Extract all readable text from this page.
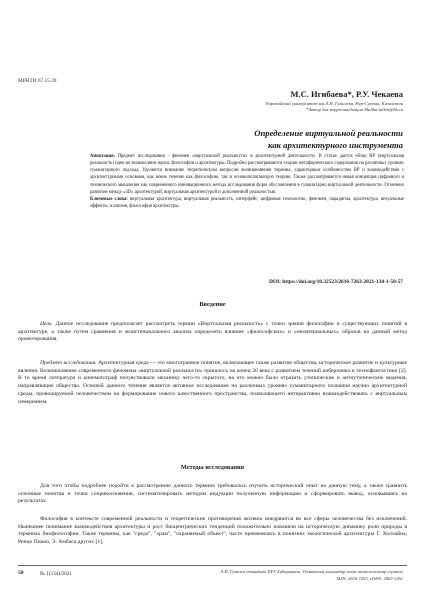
МРНТИ 67.15.39
М.С. Игибаева*, Р.У. Чекаева
Евразийский университет им.Л.Н. Гумилева, Нур-Султан, Казахстан
*Автор для корреспонденции Malika-talkin@bk.ru
Определение виртуальной реальности
как архитектурного инструмента
Аннотация. Предмет исследования - феномен «виртуальной реальности» в архитектурной деятельности. В статье дается обзор ВР (виртуальная реальность) идеи во взаимосвязи науки, философии и архитектуры. Подробно рассматриваются теории метафорического содержания на различных уровнях гуманитарного подхода. Уделяется внимание теоретическим вопросам возникновения термина, характерным особенностям ВР и взаимодействия с архитектурными основами, как новое течение как философию, так и основополагающую теорию. Также рассматривается новая концепция цифрового и технического мышления как современного инновационного метода исследования форм обусловления в гуманитарно виртуальной деятельности. Отмечено развитие между «3D» архитектурой, виртуальная архитектурой и дополненной реальностью.
Ключевые слова: виртуальная архитектура, виртуальная реальность, интерфейс, цифровые технологии, феномен, парадигма, архитектура, визуальные эффекты, иллюзия, философия архитектуры.
DOI: https://doi.org/10.32523/2616-7263-2021-134-1-50-57
Введение
Цель. Данное исследование предполагает рассмотреть термин «Виртуальная реальность» с точки зрения философии и существующих понятий в архитектуре, а также путем сравнения и экзистенциального анализа определить влияние «философских» и «нематериальных» образов на данный метод проектирования.
Предмет исследования. Архитектурная среда — это многогранное понятие, включающее также развитие общества, историческое развитие и культурные явления. Возникновение современного феномена «виртуальной реальности» пришлось на конец 20 века с развитием течений киберпанка и технофантастики [2]. В то время литература и кинематограф почувствовали механику чего-то скрытого, на что можно было отразить утопические и антиутопические видения, направляющие общество. Основой данного течения является активное исследование на различных уровнях гуманитарного познания научно архитектурной среды, провоцируемой человечеством на формирование нового качественного пространства, позволяющего интерактивно взаимодействовать с виртуальным измерением.
Методы исследования
Для того чтобы подробнее подойти к рассмотрению данного термина требовалось изучить исторический опыт на данную тему, а также сравнить основные понятия и точки соприкосновения, систематизировать методом индукции полученную информацию и сформировать вывод, основываясь на результатах.
Философия в контексте современной реальности и теоретические противоречия активно внедряются во все сферы человечества без исключений. Нынешнее понимание взаимодействия архитектуры и рост биоцентрических тенденций положительно повлияли на историческую динамику роли природы в терминах биофилософии. Такие термины, как "среда", "храм", "охраняемый объект", часто применялись в понятиях экологической архитектуры Г. Холлайна, Ренцо Пиано, Э. Амбаса других [1].
50	№ 1(134)/2021	Л.Н. Гумилев атындағы ЕҰУ Хабаршысы. Техникалық ғылымдар және технологиялар сериясы
ISSN: 2616-7263, eISSN: 2663-1261
